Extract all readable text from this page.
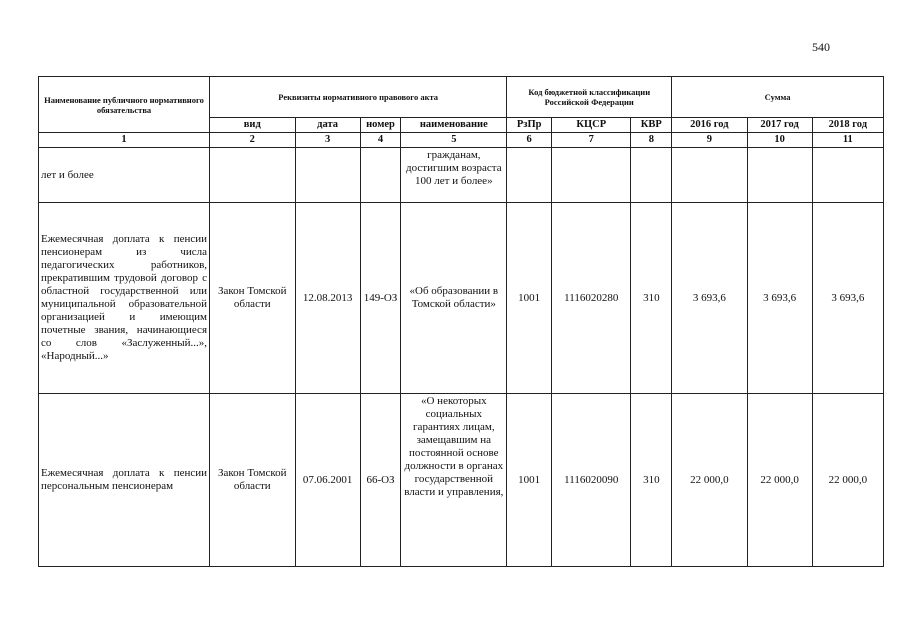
540
Наименование публичного нормативного обязательства	Реквизиты нормативного правового акта				Код бюджетной классификации Российской Федерации			Сумма		
	вид	дата	номер	наименование	РзПр	КЦСР	КВР	2016 год	2017 год	2018 год
1	2	3	4	5	6	7	8	9	10	11
лет и более				гражданам, достигшим возраста 100 лет и более»						
Ежемесячная доплата к пенсии пенсионерам из числа педагогических работников, прекратившим трудовой договор с областной государственной или муниципальной образовательной организацией и имеющим почетные звания, начинающиеся со слов «Заслуженный...», «Народный...»	Закон Томской области	12.08.2013	149-ОЗ	«Об образовании в Томской области»	1001	1116020280	310	3 693,6	3 693,6	3 693,6
Ежемесячная доплата к пенсии персональным пенсионерам	Закон Томской области	07.06.2001	66-ОЗ	«О некоторых социальных гарантиях лицам, замещавшим на постоянной основе должности в органах государственной власти и управления,	1001	1116020090	310	22 000,0	22 000,0	22 000,0
